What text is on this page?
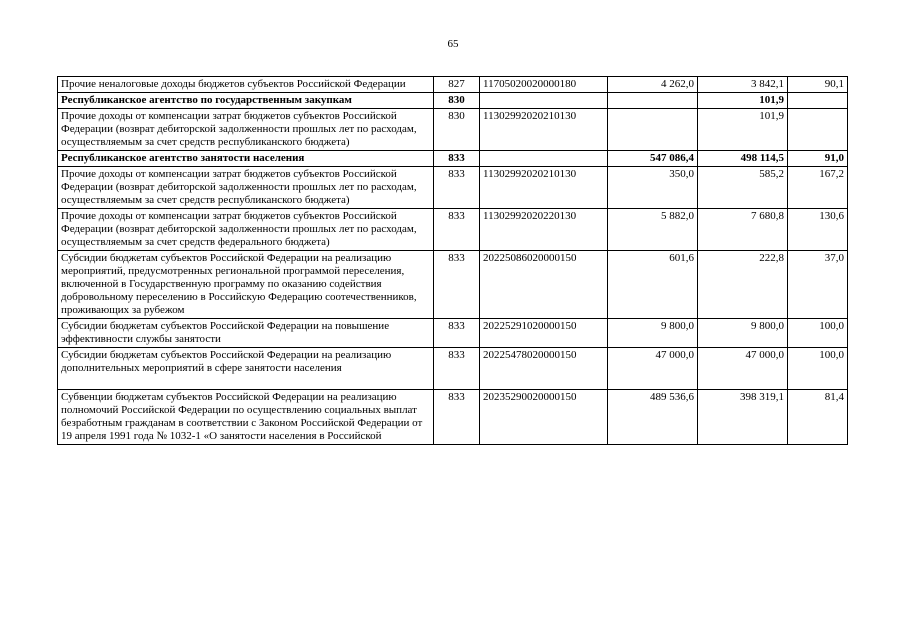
65
Прочие неналоговые доходы бюджетов субъектов Российской Федерации	827	11705020020000180	4 262,0	3 842,1	90,1
Республиканское агентство по государственным закупкам	830			101,9	
Прочие доходы от компенсации затрат бюджетов субъектов Российской Федерации (возврат дебиторской задолженности прошлых лет по расходам, осуществляемым за счет средств республиканского бюджета)	830	11302992020210130		101,9	
Республиканское агентство занятости населения	833		547 086,4	498 114,5	91,0
Прочие доходы от компенсации затрат бюджетов субъектов Российской Федерации (возврат дебиторской задолженности прошлых лет по расходам, осуществляемым за счет средств республиканского бюджета)	833	11302992020210130	350,0	585,2	167,2
Прочие доходы от компенсации затрат бюджетов субъектов Российской Федерации (возврат дебиторской задолженности прошлых лет по расходам, осуществляемым за счет средств федерального бюджета)	833	11302992020220130	5 882,0	7 680,8	130,6
Субсидии бюджетам субъектов Российской Федерации на реализацию мероприятий, предусмотренных региональной программой переселения, включенной в Государственную программу по оказанию содействия добровольному переселению в Российскую Федерацию соотечественников, проживающих за рубежом	833	20225086020000150	601,6	222,8	37,0
Субсидии бюджетам субъектов Российской Федерации на повышение эффективности службы занятости	833	20225291020000150	9 800,0	9 800,0	100,0
Субсидии бюджетам субъектов Российской Федерации на реализацию дополнительных мероприятий в сфере занятости населения	833	20225478020000150	47 000,0	47 000,0	100,0
Субвенции бюджетам субъектов Российской Федерации на реализацию полномочий Российской Федерации по осуществлению социальных выплат безработным гражданам в соответствии с Законом Российской Федерации от 19 апреля 1991 года № 1032-1 «О занятости населения в Российской	833	20235290020000150	489 536,6	398 319,1	81,4
